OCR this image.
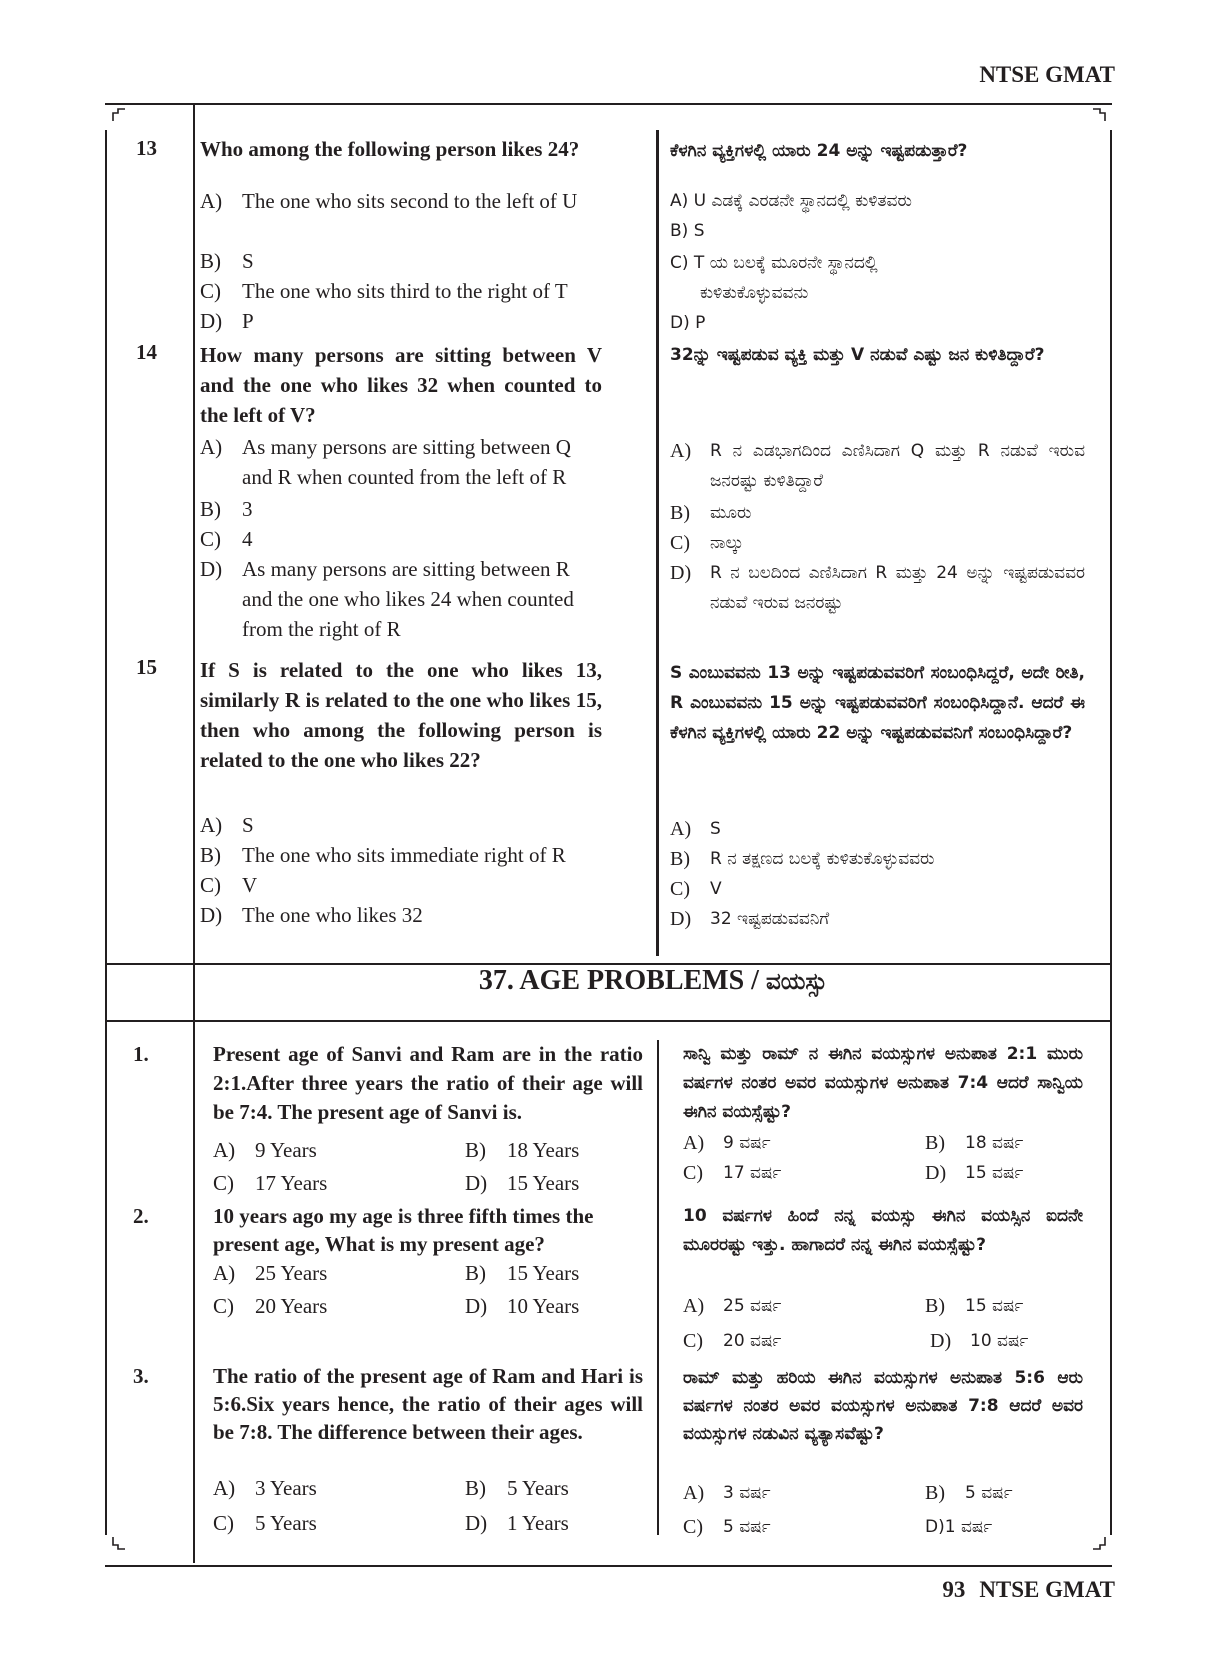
NTSE GMAT
93 NTSE GMAT
13 Who among the following person likes 24?
A) The one who sits second to the left of U
B)	S
C)	The one who sits third to the right of T
D) P
ಕೆಳಗಿನ ವ್ಯಕ್ತಿಗಳಲ್ಲಿ ಯಾರು 24 ಅನ್ನು ಇಷ್ಟಪಡುತ್ತಾರೆ?
A) U ಎಡಕ್ಕೆ ಎರಡನೇ ಸ್ಥಾನದಲ್ಲಿ ಕುಳಿತವರು
B) S
C) T ಯ ಬಲಕ್ಕೆ ಮೂರನೇ ಸ್ಥಾನದಲ್ಲಿ
ಕುಳಿತುಕೊಳ್ಳುವವನು
D) P
14 How many persons are sitting between V and the one who likes 32 when counted to the left of V?
A) As many persons are sitting between Q and R when counted from the left of R
B)	3
C)	4
D) As many persons are sitting between R and the one who likes 24 when counted from the right of R
32ನ್ನು ಇಷ್ಟಪಡುವ ವ್ಯಕ್ತಿ ಮತ್ತು V ನಡುವೆ ಎಷ್ಟು ಜನ ಕುಳಿತಿದ್ದಾರೆ?
A)	R ನ ಎಡಭಾಗದಿಂದ ಎಣಿಸಿದಾಗ Q ಮತ್ತು R ನಡುವೆ ಇರುವ ಜನರಷ್ಟು ಕುಳಿತಿದ್ದಾರೆ
B)	ಮೂರು
C)	ನಾಲ್ಕು
D)	R ನ ಬಲದಿಂದ ಎಣಿಸಿದಾಗ R ಮತ್ತು 24 ಅನ್ನು ಇಷ್ಟಪಡುವವರ ನಡುವೆ ಇರುವ ಜನರಷ್ಟು
15 If S is related to the one who likes 13, similarly R is related to the one who likes 15, then who among the following person is related to the one who likes 22?
A) S
B)	The one who sits immediate right of R
C)	V
D) The one who likes 32
S ಎಂಬುವವನು 13 ಅನ್ನು ಇಷ್ಟಪಡುವವರಿಗೆ ಸಂಬಂಧಿಸಿದ್ದರೆ, ಅದೇ ರೀತಿ, R ಎಂಬುವವನು 15 ಅನ್ನು ಇಷ್ಟಪಡುವವರಿಗೆ ಸಂಬಂಧಿಸಿದ್ದಾನೆ. ಆದರೆ ಈ ಕೆಳಗಿನ ವ್ಯಕ್ತಿಗಳಲ್ಲಿ ಯಾರು 22 ಅನ್ನು ಇಷ್ಟಪಡುವವನಿಗೆ ಸಂಬಂಧಿಸಿದ್ದಾರೆ?
A)	S
B)	R ನ ತಕ್ಷಣದ ಬಲಕ್ಕೆ ಕುಳಿತುಕೊಳ್ಳುವವರು
C)	V
D)	32 ಇಷ್ಟಪಡುವವನಿಗೆ
37. AGE PROBLEMS / ವಯಸ್ಸು
1.	Present age of Sanvi and Ram are in the ratio 2:1.After three years the ratio of their age will be 7:4. The present age of Sanvi is.
A) 9 Years	B)	18 Years
C)	17 Years	D) 15 Years
ಸಾನ್ವಿ ಮತ್ತು ರಾಮ್ ನ ಈಗಿನ ವಯಸ್ಸುಗಳ ಅನುಪಾತ 2:1 ಮುರು ವರ್ಷಗಳ ನಂತರ ಅವರ ವಯಸ್ಸುಗಳ ಅನುಪಾತ 7:4 ಆದರೆ ಸಾನ್ವಿಯ ಈಗಿನ ವಯಸ್ಸೆಷ್ಟು?
A)	9 ವರ್ಷ	B)	18 ವರ್ಷ
C)	17 ವರ್ಷ	D)	15 ವರ್ಷ
2.	10 years ago my age is three fifth times the present age, What is my present age?
A) 25 Years	B)	15 Years
C)	20 Years	D) 10 Years
10 ವರ್ಷಗಳ ಹಿಂದೆ ನನ್ನ ವಯಸ್ಸು ಈಗಿನ ವಯಸ್ಸಿನ ಐದನೇ ಮೂರರಷ್ಟು ಇತ್ತು. ಹಾಗಾದರೆ ನನ್ನ ಈಗಿನ ವಯಸ್ಸೆಷ್ಟು?
A)	25 ವರ್ಷ	B)	15 ವರ್ಷ
C)	20 ವರ್ಷ	D)	10 ವರ್ಷ
3.	The ratio of the present age of Ram and Hari is 5:6.Six years hence, the ratio of their ages will be 7:8. The difference between their ages.
A) 3 Years	B)	5 Years
C)	5 Years	D) 1 Years
ರಾಮ್ ಮತ್ತು ಹರಿಯ ಈಗಿನ ವಯಸ್ಸುಗಳ ಅನುಪಾತ 5:6 ಆರು ವರ್ಷಗಳ ನಂತರ ಅವರ ವಯಸ್ಸುಗಳ ಅನುಪಾತ 7:8 ಆದರೆ ಅವರ ವಯಸ್ಸುಗಳ ನಡುವಿನ ವ್ಯತ್ಯಾಸವೆಷ್ಟು?
A)	3 ವರ್ಷ	B)	5 ವರ್ಷ
C)	5 ವರ್ಷ	D)1 ವರ್ಷ
